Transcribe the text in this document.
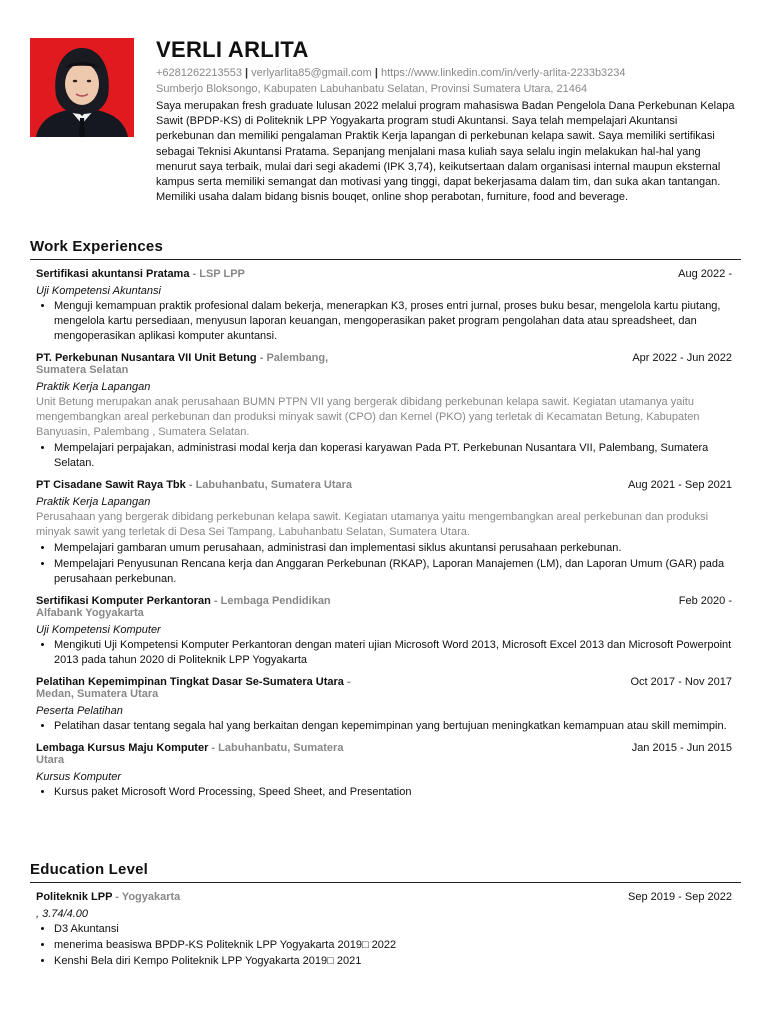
VERLI ARLITA
+6281262213553 | verlyarlita85@gmail.com | https://www.linkedin.com/in/verly-arlita-2233b3234
Sumberjo Bloksongo, Kabupaten Labuhanbatu Selatan, Provinsi Sumatera Utara, 21464
Saya merupakan fresh graduate lulusan 2022 melalui program mahasiswa Badan Pengelola Dana Perkebunan Kelapa Sawit (BPDP-KS) di Politeknik LPP Yogyakarta program studi Akuntansi. Saya telah mempelajari Akuntansi perkebunan dan memiliki pengalaman Praktik Kerja lapangan di perkebunan kelapa sawit. Saya memiliki sertifikasi sebagai Teknisi Akuntansi Pratama. Sepanjang menjalani masa kuliah saya selalu ingin melakukan hal-hal yang menurut saya terbaik, mulai dari segi akademi (IPK 3,74), keikutsertaan dalam organisasi internal maupun eksternal kampus serta memiliki semangat dan motivasi yang tinggi, dapat bekerjasama dalam tim, dan suka akan tantangan. Memiliki usaha dalam bidang bisnis bouqet, online shop perabotan, furniture, food and beverage.
Work Experiences
Sertifikasi akuntansi Pratama - LSP LPP	Aug 2022 -
Uji Kompetensi Akuntansi
• Menguji kemampuan praktik profesional dalam bekerja, menerapkan K3, proses entri jurnal, proses buku besar, mengelola kartu piutang, mengelola kartu persediaan, menyusun laporan keuangan, mengoperasikan paket program pengolahan data atau spreadsheet, dan mengoperasikan aplikasi komputer akuntansi.
PT. Perkebunan Nusantara VII Unit Betung - Palembang, Sumatera Selatan
Apr 2022 - Jun 2022
Praktik Kerja Lapangan
Unit Betung merupakan anak perusahaan BUMN PTPN VII yang bergerak dibidang perkebunan kelapa sawit. Kegiatan utamanya yaitu mengembangkan areal perkebunan dan produksi minyak sawit (CPO) dan Kernel (PKO) yang terletak di Kecamatan Betung, Kabupaten Banyuasin, Palembang , Sumatera Selatan.
• Mempelajari perpajakan, administrasi modal kerja dan koperasi karyawan Pada PT. Perkebunan Nusantara VII, Palembang, Sumatera Selatan.
PT Cisadane Sawit Raya Tbk - Labuhanbatu, Sumatera Utara	Aug 2021 - Sep 2021
Praktik Kerja Lapangan
Perusahaan yang bergerak dibidang perkebunan kelapa sawit. Kegiatan utamanya yaitu mengembangkan areal perkebunan dan produksi minyak sawit yang terletak di Desa Sei Tampang, Labuhanbatu Selatan, Sumatera Utara.
• Mempelajari gambaran umum perusahaan, administrasi dan implementasi siklus akuntansi perusahaan perkebunan.
• Mempelajari Penyusunan Rencana kerja dan Anggaran Perkebunan (RKAP), Laporan Manajemen (LM), dan Laporan Umum (GAR) pada perusahaan perkebunan.
Sertifikasi Komputer Perkantoran - Lembaga Pendidikan Alfabank Yogyakarta
Feb 2020 -
Uji Kompetensi Komputer
• Mengikuti Uji Kompetensi Komputer Perkantoran dengan materi ujian Microsoft Word 2013, Microsoft Excel 2013 dan Microsoft Powerpoint 2013 pada tahun 2020 di Politeknik LPP Yogyakarta
Pelatihan Kepemimpinan Tingkat Dasar Se-Sumatera Utara - Medan, Sumatera Utara
Oct 2017 - Nov 2017
Peserta Pelatihan
• Pelatihan dasar tentang segala hal yang berkaitan dengan kepemimpinan yang bertujuan meningkatkan kemampuan atau skill memimpin.
Lembaga Kursus Maju Komputer - Labuhanbatu, Sumatera Utara
Jan 2015 - Jun 2015
Kursus Komputer
• Kursus paket Microsoft Word Processing, Speed Sheet, and Presentation
Education Level
Politeknik LPP - Yogyakarta	Sep 2019 - Sep 2022
, 3.74/4.00
• D3 Akuntansi
• menerima beasiswa BPDP-KS Politeknik LPP Yogyakarta 2019□ 2022
• Kenshi Bela diri Kempo Politeknik LPP Yogyakarta 2019□ 2021
